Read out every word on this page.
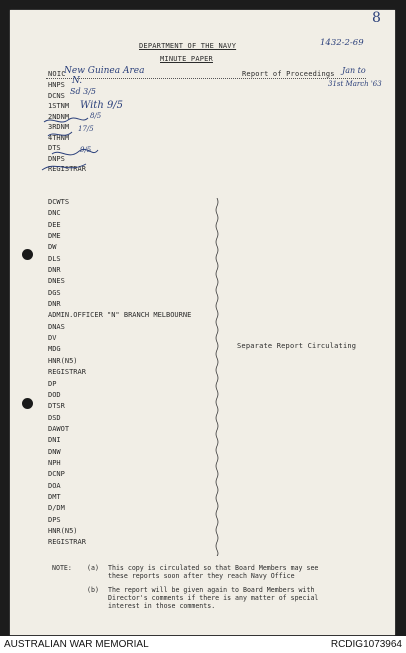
DEPARTMENT OF THE NAVY
MINUTE PAPER
8
1432-2-69
NOIC
New Guinea Area	Report of Proceedings Jan to
31st March '63
HNPS
DCNS
1STNM
2NDNM
3RDNM
4THNM
DTS
DNPS
REGISTRAR
N.
Sd 3/5
With 9/5
8/5
17/5
9/5
DCWTS
DNC
DEE
DME
DW
DLS
DNR
DNES
DGS
DNR
ADMIN.OFFICER "N" BRANCH MELBOURNE
DNAS
DV
MDG
HNR(N5)
REGISTRAR
DP
DOD
DTSR
DSD
DAWOT
DNI
DNW
NPH
DCNP
DOA
DMT
D/DM
DPS
HNR(N5)
REGISTRAR
Separate Report Circulating
NOTE: (a) This copy is circulated so that Board Members may see
these reports soon after they reach Navy Office
(b) The report will be given again to Board Members with
Director's comments if there is any matter of special
interest in those comments.
AUSTRALIAN WAR MEMORIAL	RCDIG1073964
